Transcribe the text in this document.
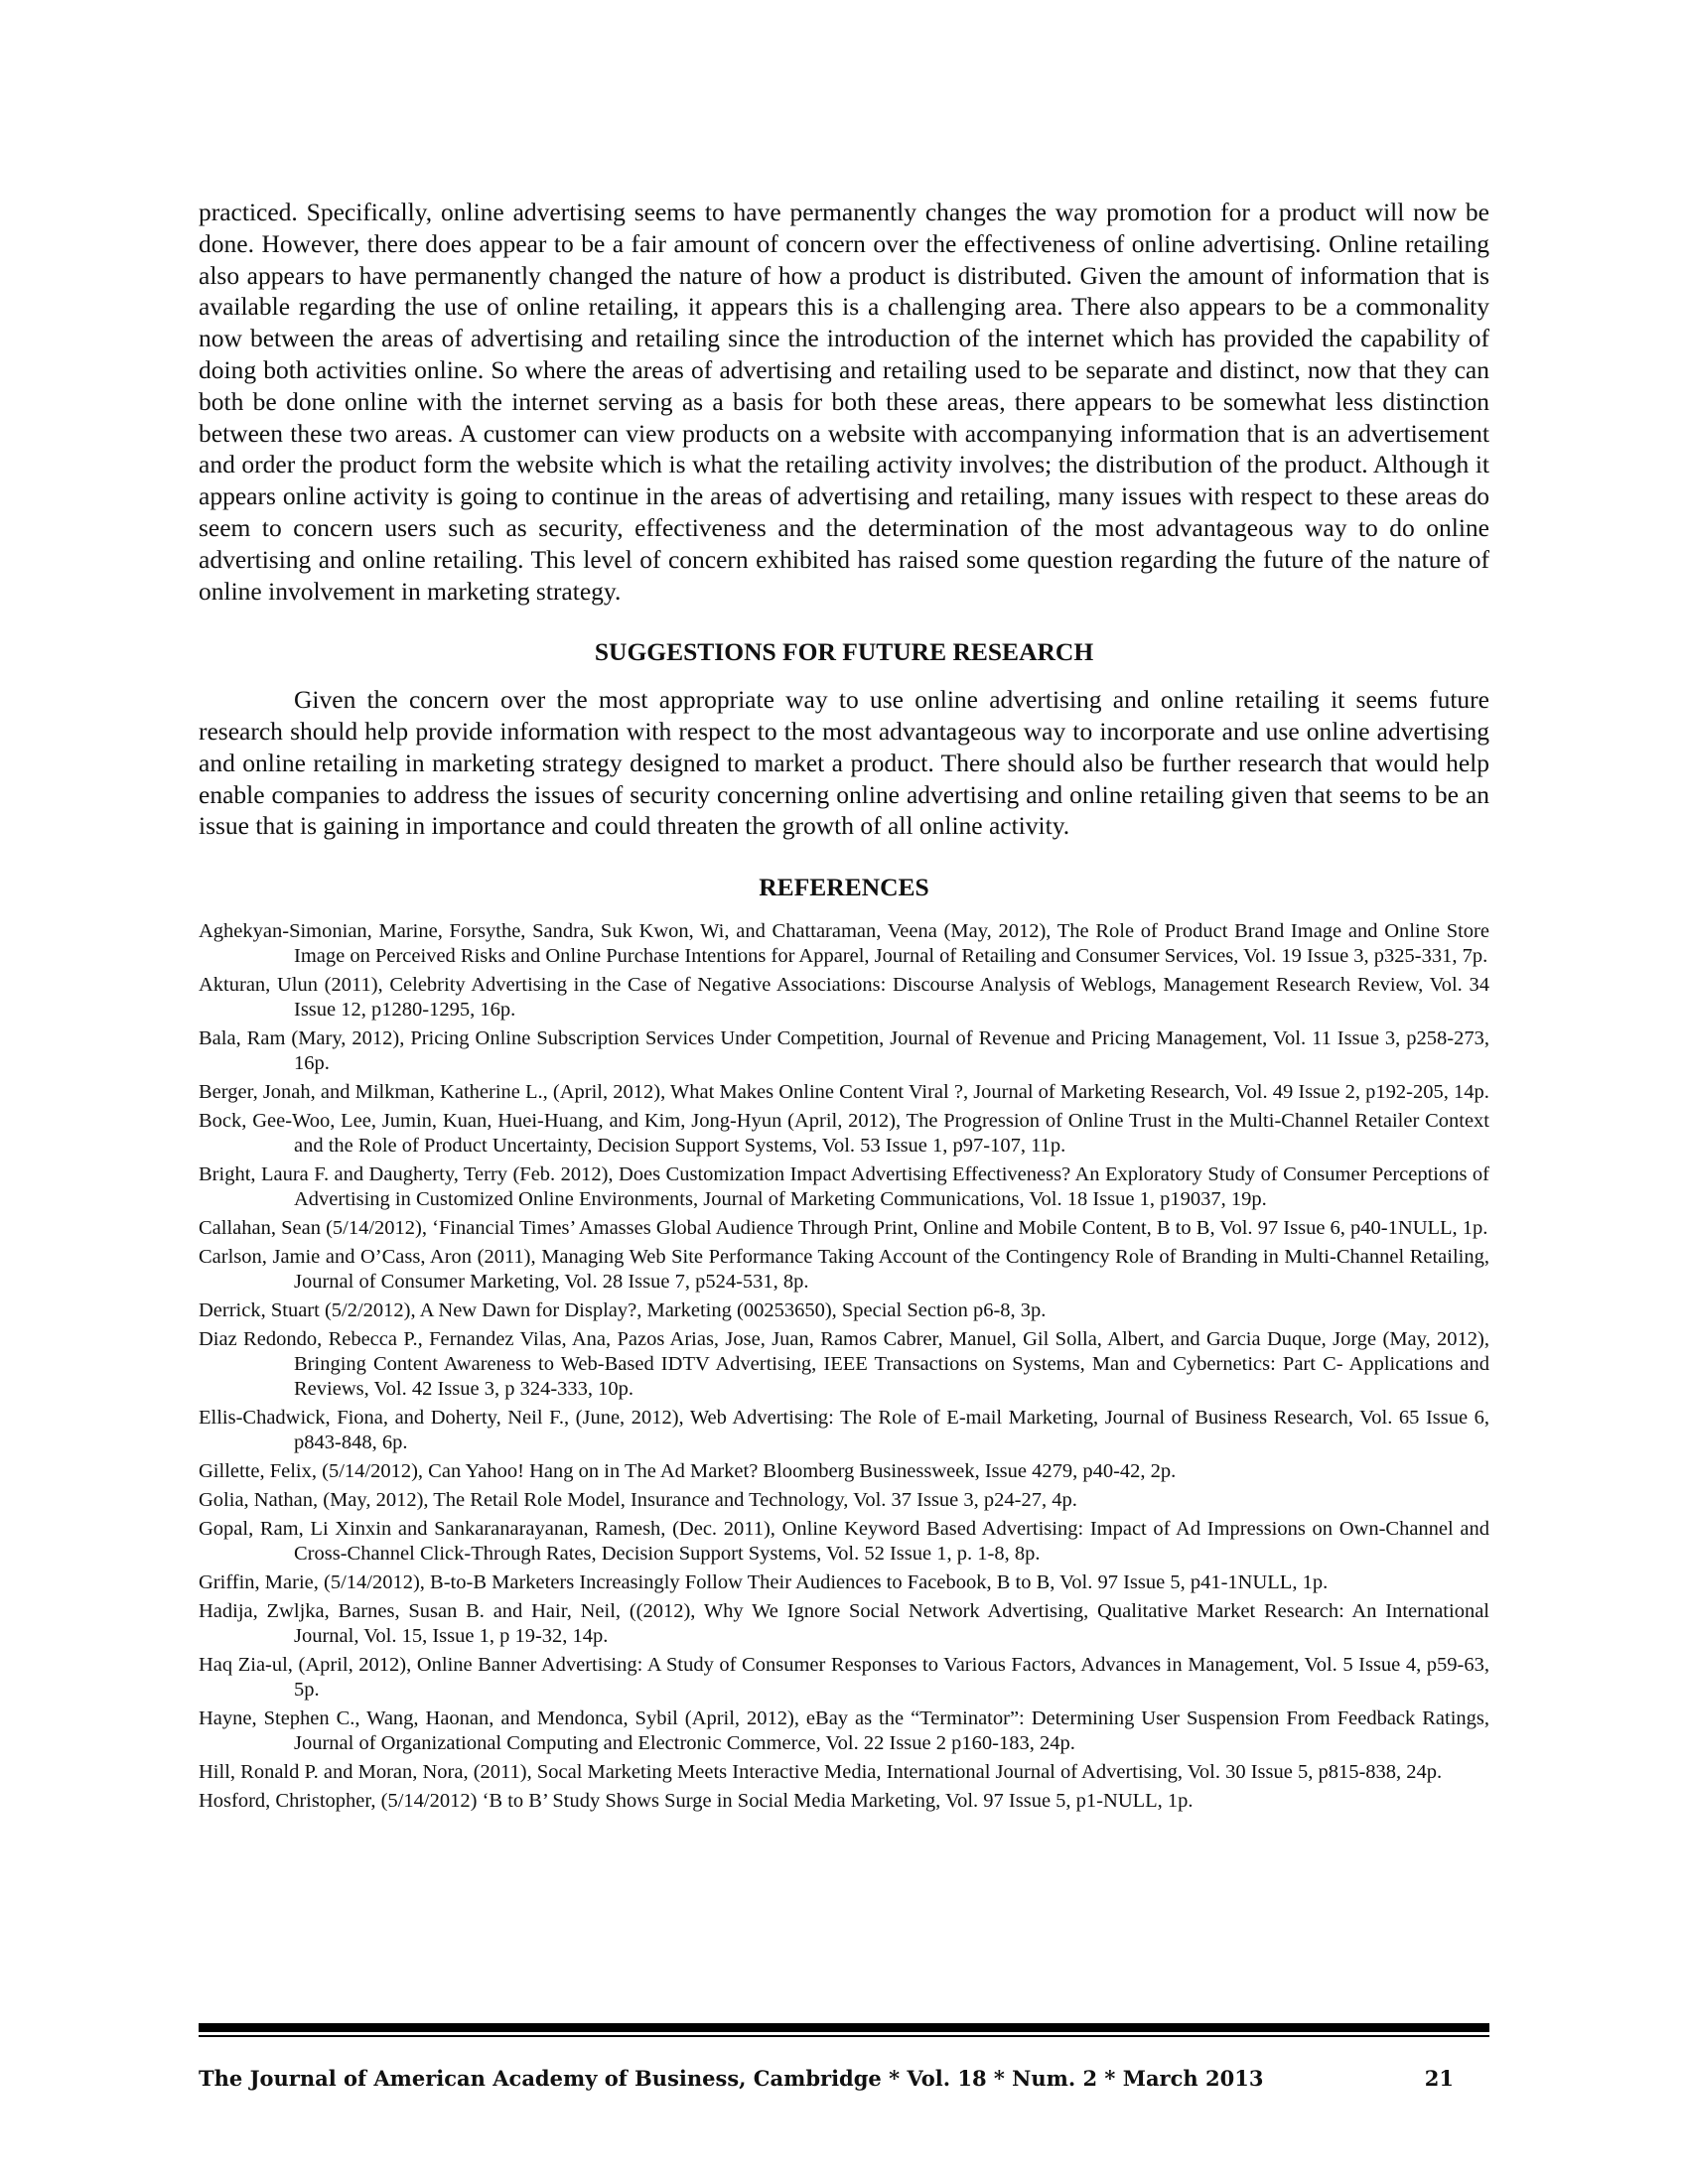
practiced. Specifically, online advertising seems to have permanently changes the way promotion for a product will now be done. However, there does appear to be a fair amount of concern over the effectiveness of online advertising. Online retailing also appears to have permanently changed the nature of how a product is distributed. Given the amount of information that is available regarding the use of online retailing, it appears this is a challenging area. There also appears to be a commonality now between the areas of advertising and retailing since the introduction of the internet which has provided the capability of doing both activities online. So where the areas of advertising and retailing used to be separate and distinct, now that they can both be done online with the internet serving as a basis for both these areas, there appears to be somewhat less distinction between these two areas. A customer can view products on a website with accompanying information that is an advertisement and order the product form the website which is what the retailing activity involves; the distribution of the product. Although it appears online activity is going to continue in the areas of advertising and retailing, many issues with respect to these areas do seem to concern users such as security, effectiveness and the determination of the most advantageous way to do online advertising and online retailing. This level of concern exhibited has raised some question regarding the future of the nature of online involvement in marketing strategy.

SUGGESTIONS FOR FUTURE RESEARCH

Given the concern over the most appropriate way to use online advertising and online retailing it seems future research should help provide information with respect to the most advantageous way to incorporate and use online advertising and online retailing in marketing strategy designed to market a product. There should also be further research that would help enable companies to address the issues of security concerning online advertising and online retailing given that seems to be an issue that is gaining in importance and could threaten the growth of all online activity.

REFERENCES
Aghekyan-Simonian, Marine, Forsythe, Sandra, Suk Kwon, Wi, and Chattaraman, Veena (May, 2012), The Role of Product Brand Image and Online Store Image on Perceived Risks and Online Purchase Intentions for Apparel, Journal of Retailing and Consumer Services, Vol. 19 Issue 3, p325-331, 7p.
Akturan, Ulun (2011), Celebrity Advertising in the Case of Negative Associations: Discourse Analysis of Weblogs, Management Research Review, Vol. 34 Issue 12, p1280-1295, 16p.
Bala, Ram (Mary, 2012), Pricing Online Subscription Services Under Competition, Journal of Revenue and Pricing Management, Vol. 11 Issue 3, p258-273, 16p.
Berger, Jonah, and Milkman, Katherine L., (April, 2012), What Makes Online Content Viral ?, Journal of Marketing Research, Vol. 49 Issue 2, p192-205, 14p.
Bock, Gee-Woo, Lee, Jumin, Kuan, Huei-Huang, and Kim, Jong-Hyun (April, 2012), The Progression of Online Trust in the Multi-Channel Retailer Context and the Role of Product Uncertainty, Decision Support Systems, Vol. 53 Issue 1, p97-107, 11p.
Bright, Laura F. and Daugherty, Terry (Feb. 2012), Does Customization Impact Advertising Effectiveness? An Exploratory Study of Consumer Perceptions of Advertising in Customized Online Environments, Journal of Marketing Communications, Vol. 18 Issue 1, p19037, 19p.
Callahan, Sean (5/14/2012), ‘Financial Times’ Amasses Global Audience Through Print, Online and Mobile Content, B to B, Vol. 97 Issue 6, p40-1NULL, 1p.
Carlson, Jamie and O’Cass, Aron (2011), Managing Web Site Performance Taking Account of the Contingency Role of Branding in Multi-Channel Retailing, Journal of Consumer Marketing, Vol. 28 Issue 7, p524-531, 8p.
Derrick, Stuart (5/2/2012), A New Dawn for Display?, Marketing (00253650), Special Section p6-8, 3p.
Diaz Redondo, Rebecca P., Fernandez Vilas, Ana, Pazos Arias, Jose, Juan, Ramos Cabrer, Manuel, Gil Solla, Albert, and Garcia Duque, Jorge (May, 2012), Bringing Content Awareness to Web-Based IDTV Advertising, IEEE Transactions on Systems, Man and Cybernetics: Part C- Applications and Reviews, Vol. 42 Issue 3, p 324-333, 10p.
Ellis-Chadwick, Fiona, and Doherty, Neil F., (June, 2012), Web Advertising: The Role of E-mail Marketing, Journal of Business Research, Vol. 65 Issue 6, p843-848, 6p.
Gillette, Felix, (5/14/2012), Can Yahoo! Hang on in The Ad Market? Bloomberg Businessweek, Issue 4279, p40-42, 2p.
Golia, Nathan, (May, 2012), The Retail Role Model, Insurance and Technology, Vol. 37 Issue 3, p24-27, 4p.
Gopal, Ram, Li Xinxin and Sankaranarayanan, Ramesh, (Dec. 2011), Online Keyword Based Advertising: Impact of Ad Impressions on Own-Channel and Cross-Channel Click-Through Rates, Decision Support Systems, Vol. 52 Issue 1, p. 1-8, 8p.
Griffin, Marie, (5/14/2012), B-to-B Marketers Increasingly Follow Their Audiences to Facebook, B to B, Vol. 97 Issue 5, p41-1NULL, 1p.
Hadija, Zwljka, Barnes, Susan B. and Hair, Neil, ((2012), Why We Ignore Social Network Advertising, Qualitative Market Research: An International Journal, Vol. 15, Issue 1, p 19-32, 14p.
Haq Zia-ul, (April, 2012), Online Banner Advertising: A Study of Consumer Responses to Various Factors, Advances in Management, Vol. 5 Issue 4, p59-63, 5p.
Hayne, Stephen C., Wang, Haonan, and Mendonca, Sybil (April, 2012), eBay as the “Terminator”: Determining User Suspension From Feedback Ratings, Journal of Organizational Computing and Electronic Commerce, Vol. 22 Issue 2 p160-183, 24p.
Hill, Ronald P. and Moran, Nora, (2011), Socal Marketing Meets Interactive Media, International Journal of Advertising, Vol. 30 Issue 5, p815-838, 24p.
Hosford, Christopher, (5/14/2012) ‘B to B’ Study Shows Surge in Social Media Marketing, Vol. 97 Issue 5, p1-NULL, 1p.
The Journal of American Academy of Business, Cambridge * Vol. 18 * Num. 2 * March 2013	21
